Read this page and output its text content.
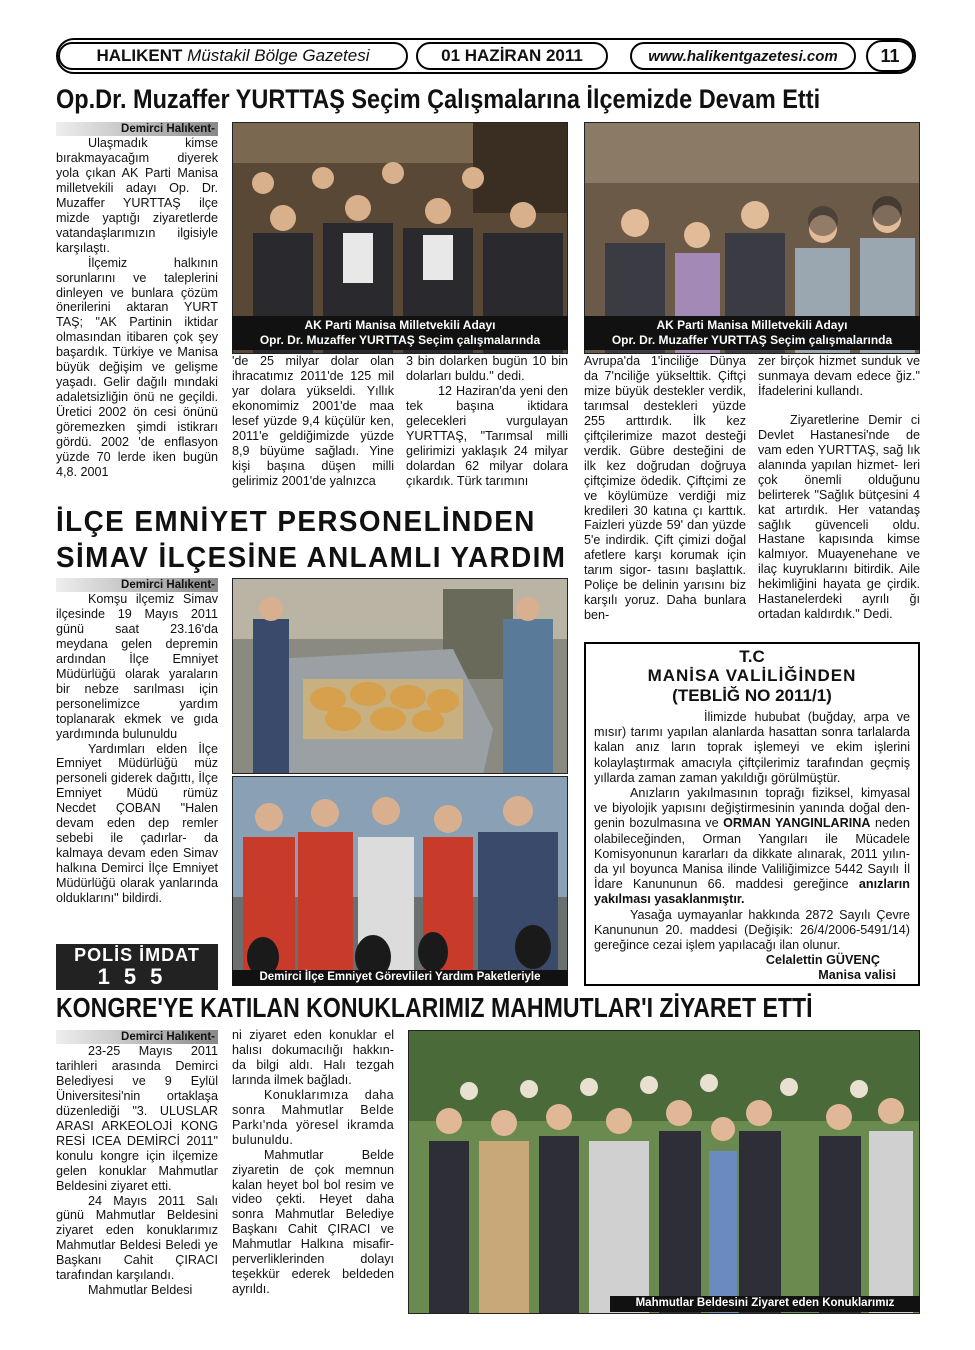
HALIKENT
Müstakil Bölge Gazetesi	01 HAZİRAN 2011	www.halikentgazetesi.com 11
Op.Dr. Muzaffer YURTTAŞ Seçim Çalışmalarına İlçemizde Devam Etti
Demirci Halıkent-

Ulaşmadık kimse bırakmayacağım diyerek yola çıkan AK Parti Manisa milletvekili adayı Op. Dr. Muzaffer YURTTAŞ ilçe mizde yaptığı ziyaretlerde vatandaşlarımızın ilgisiyle karşılaştı.

İlçemiz halkının sorunlarını ve taleplerini dinleyen ve bunlara çözüm önerilerini aktaran YURT TAŞ; "AK Partinin iktidar olmasından itibaren çok şey başardık. Türkiye ve Manisa büyük değişim ve gelişme yaşadı. Gelir dağılı mındaki adaletsizliğin önü ne geçildi. Üretici 2002 ön cesi önünü göremezken şimdi istikrarı gördü. 2002 'de enflasyon yüzde 70 lerde iken bugün 4,8. 2001

AK Parti Manisa Milletvekili Adayı
Opr. Dr. Muzaffer YURTTAŞ Seçim çalışmalarında
AK Parti Manisa Milletvekili Adayı
Opr. Dr. Muzaffer YURTTAŞ Seçim çalışmalarında

'de 25 milyar dolar olan ihracatımız 2011'de 125 mil yar dolara yükseldi. Yıllık ekonomimiz 2001'de maa lesef yüzde 9,4 küçülür ken, 2011'e geldiğimizde yüzde 8,9 büyüme sağladı. Yine kişi başına düşen milli gelirimiz 2001'de yalnızca

3 bin dolarken bugün 10 bin dolarları buldu." dedi.

12 Haziran'da yeni den tek başına iktidara gelecekleri vurgulayan YURTTAŞ, "Tarımsal milli gelirimizi yaklaşık 24 milyar dolardan 62 milyar dolara çıkardık. Türk tarımını

Avrupa'da 1'inciliğe Dünya da 7'nciliğe yükselttik. Çiftçi mize büyük destekler verdik, tarımsal destekleri yüzde 255 arttırdık. İlk kez çiftçilerimize mazot desteği verdik. Gübre desteğini de ilk kez doğrudan doğruya çiftçimize ödedik. Çiftçimi ze ve köylümüze verdiği miz kredileri 30 katına çı karttık. Faizleri yüzde 59' dan yüzde 5'e indirdik. Çift çimizi doğal afetlere karşı korumak için tarım sigor- tasını başlattık. Poliçe be delinin yarısını biz karşılı yoruz. Daha bunlara ben-

zer birçok hizmet sunduk ve sunmaya devam edece ğiz." İfadelerini kullandı.

Ziyaretlerine Demir ci Devlet Hastanesi'nde de vam eden YURTTAŞ, sağ lık alanında yapılan hizmet- leri çok önemli olduğunu belirterek "Sağlık bütçesini 4 kat artırdık. Her vatandaş sağlık güvenceli oldu. Hastane kapısında kimse kalmıyor. Muayenehane ve ilaç kuyruklarını bitirdik. Aile hekimliğini hayata ge çirdik. Hastanelerdeki ayrılı ğı ortadan kaldırdık." Dedi.

İLÇE EMNİYET PERSONELİNDEN
SİMAV İLÇESİNE ANLAMLI YARDIM
Demirci Halıkent-

Komşu ilçemiz Simav ilçesinde 19 Mayıs 2011 günü saat 23.16'da meydana gelen depremin ardından İlçe Emniyet Müdürlüğü olarak yaraların bir nebze sarılması için personelimizce yardım toplanarak ekmek ve gıda yardımında bulunuldu

Yardımları elden İlçe Emniyet Müdürlüğü müz personeli giderek dağıttı, İlçe Emniyet Müdü rümüz Necdet ÇOBAN "Halen devam eden dep remler sebebi ile çadırlar- da kalmaya devam eden Simav halkına Demirci İlçe Emniyet Müdürlüğü olarak yanlarında olduklarını" bildirdi.

POLİS İMDAT
155	Demirci İlçe Emniyet Görevlileri Yardım Paketleriyle
T.C
MANİSA VALİLİĞİNDEN
(TEBLİĞ NO 2011/1)

İlimizde hububat (buğday, arpa ve mısır) tarımı yapılan alanlarda hasattan sonra tarlalarda kalan anız ların toprak işlemeyi ve ekim işlerini kolaylaştırmak amacıyla çiftçilerimiz tarafından geçmiş yıllarda zaman zaman yakıldığı görülmüştür.

Anızların yakılmasının toprağı fiziksel, kimyasal ve biyolojik yapısını değiştirmesinin yanında doğal den- genin bozulmasına ve ORMAN YANGINLARINA neden olabileceğinden, Orman Yangıları ile Mücadele Komisyonunun kararları da dikkate alınarak, 2011 yılın- da yıl boyunca Manisa ilinde Valiliğimizce 5442 Sayılı İl İdare Kanununun 66. maddesi gereğince anızların yakılması yasaklanmıştır.

Yasağa uymayanlar hakkında 2872 Sayılı Çevre Kanununun 20. maddesi (Değişik: 26/4/2006-5491/14) gereğince cezai işlem yapılacağı ilan olunur.

Celalettin GÜVENÇ

Manisa valisi

KONGRE'YE KATILAN KONUKLARIMIZ MAHMUTLAR'I ZİYARET ETTİ
Demirci Halıkent-

23-25 Mayıs 2011 tarihleri arasında Demirci Belediyesi ve 9 Eylül Üniversitesi'nin ortaklaşa düzenlediği "3. ULUSLAR ARASI ARKEOLOJİ KONG RESİ ICEA DEMİRCİ 2011" konulu kongre için ilçemize gelen konuklar Mahmutlar Beldesini ziyaret etti.

24 Mayıs 2011 Salı günü Mahmutlar Beldesini ziyaret eden konuklarımız Mahmutlar Beldesi Beledi ye Başkanı Cahit ÇIRACI tarafından karşılandı.

Mahmutlar Beldesi

ni ziyaret eden konuklar el halısı dokumacılığı hakkın- da bilgi aldı. Halı tezgah larında ilmek bağladı.

Konuklarımıza daha sonra Mahmutlar Belde Parkı'nda yöresel ikramda bulunuldu.

Mahmutlar Belde ziyaretin de çok memnun kalan heyet bol bol resim ve video çekti. Heyet daha sonra Mahmutlar Belediye Başkanı Cahit ÇIRACI ve Mahmutlar Halkına misafir- perverliklerinden dolayı teşekkür ederek beldeden ayrıldı.

Mahmutlar Beldesini Ziyaret eden Konuklarımız
